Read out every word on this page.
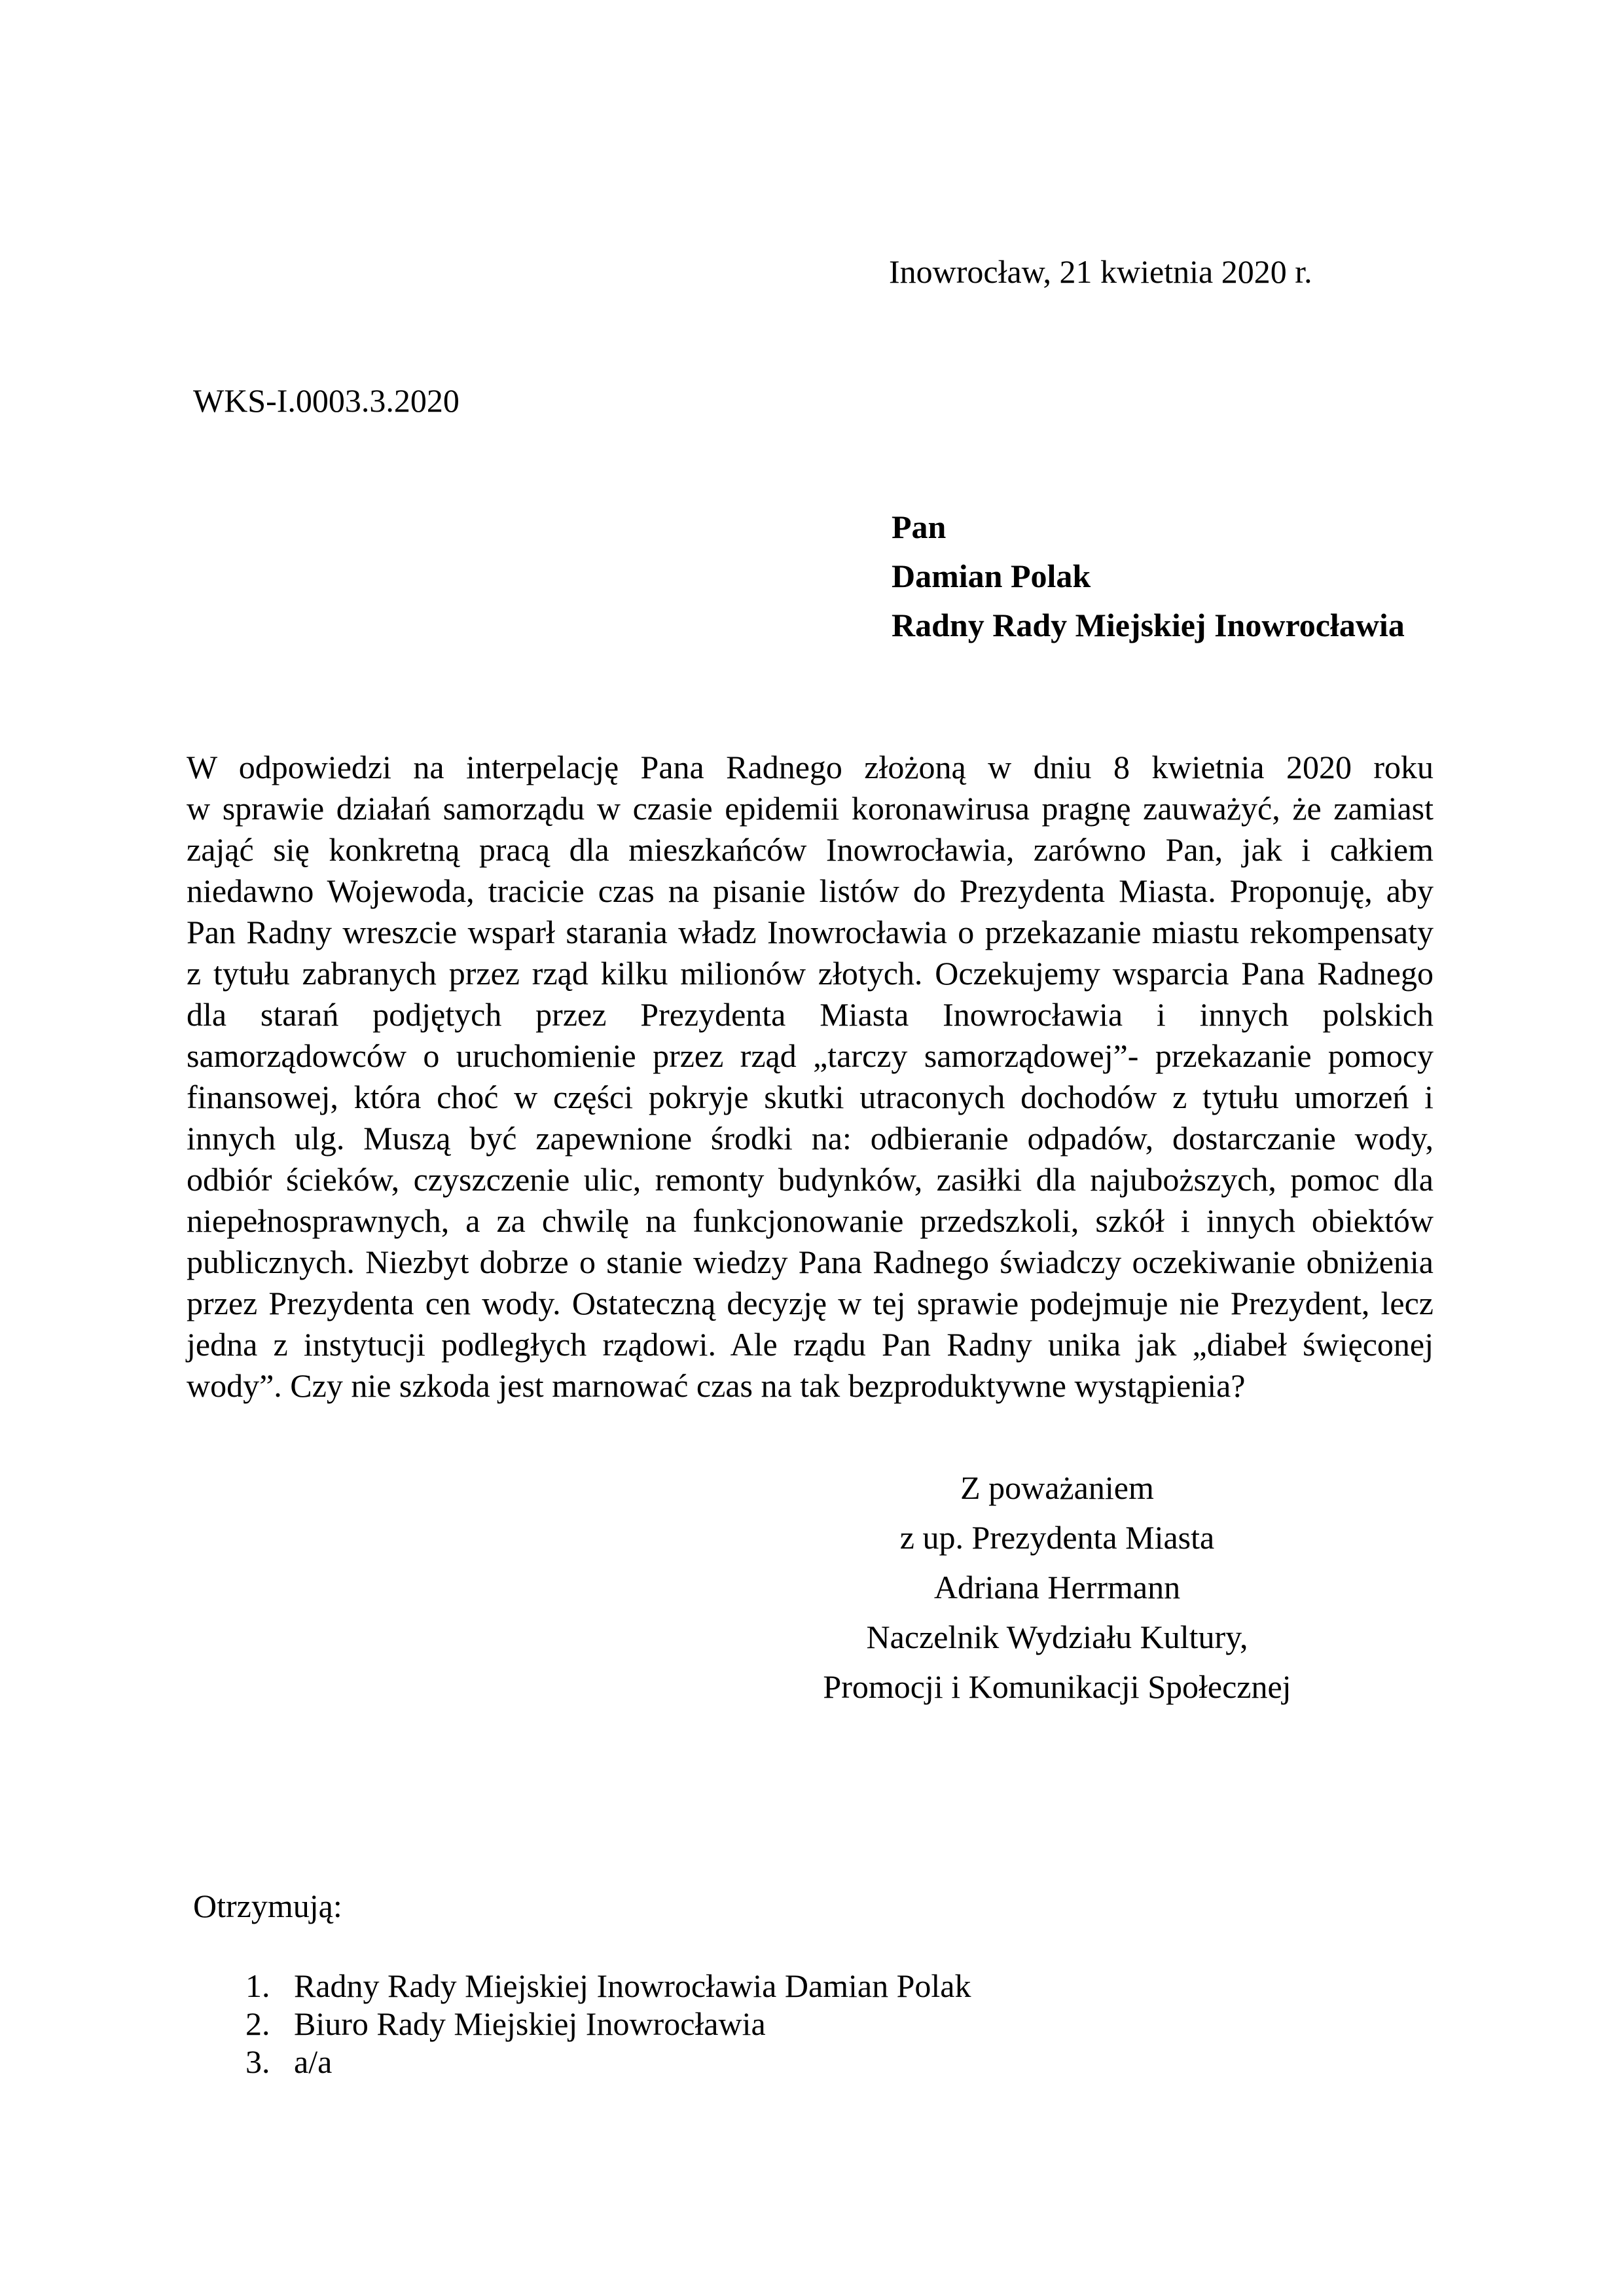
Inowrocław, 21 kwietnia 2020 r.
WKS-I.0003.3.2020
Pan
Damian Polak
Radny Rady Miejskiej Inowrocławia
W odpowiedzi na interpelację Pana Radnego złożoną w dniu 8 kwietnia 2020 roku
w sprawie działań samorządu w czasie epidemii koronawirusa pragnę zauważyć, że zamiast
zająć się konkretną pracą dla mieszkańców Inowrocławia, zarówno Pan, jak i całkiem
niedawno Wojewoda, tracicie czas na pisanie listów do Prezydenta Miasta. Proponuję, aby
Pan Radny wreszcie wsparł starania władz Inowrocławia o przekazanie miastu rekompensaty
z tytułu zabranych przez rząd kilku milionów złotych. Oczekujemy wsparcia Pana Radnego
dla starań podjętych przez Prezydenta Miasta Inowrocławia i innych polskich
samorządowców o uruchomienie przez rząd „tarczy samorządowej”- przekazanie pomocy
finansowej, która choć w części pokryje skutki utraconych dochodów z tytułu umorzeń i
innych ulg. Muszą być zapewnione środki na: odbieranie odpadów, dostarczanie wody,
odbiór ścieków, czyszczenie ulic, remonty budynków, zasiłki dla najuboższych, pomoc dla
niepełnosprawnych, a za chwilę na funkcjonowanie przedszkoli, szkół i innych obiektów
publicznych. Niezbyt dobrze o stanie wiedzy Pana Radnego świadczy oczekiwanie obniżenia
przez Prezydenta cen wody. Ostateczną decyzję w tej sprawie podejmuje nie Prezydent, lecz
jedna z instytucji podległych rządowi. Ale rządu Pan Radny unika jak „diabeł święconej
wody”. Czy nie szkoda jest marnować czas na tak bezproduktywne wystąpienia?
Z poważaniem
z up. Prezydenta Miasta
Adriana Herrmann
Naczelnik Wydziału Kultury,
Promocji i Komunikacji Społecznej
Otrzymują:
1. Radny Rady Miejskiej Inowrocławia Damian Polak
2. Biuro Rady Miejskiej Inowrocławia
3. a/a
